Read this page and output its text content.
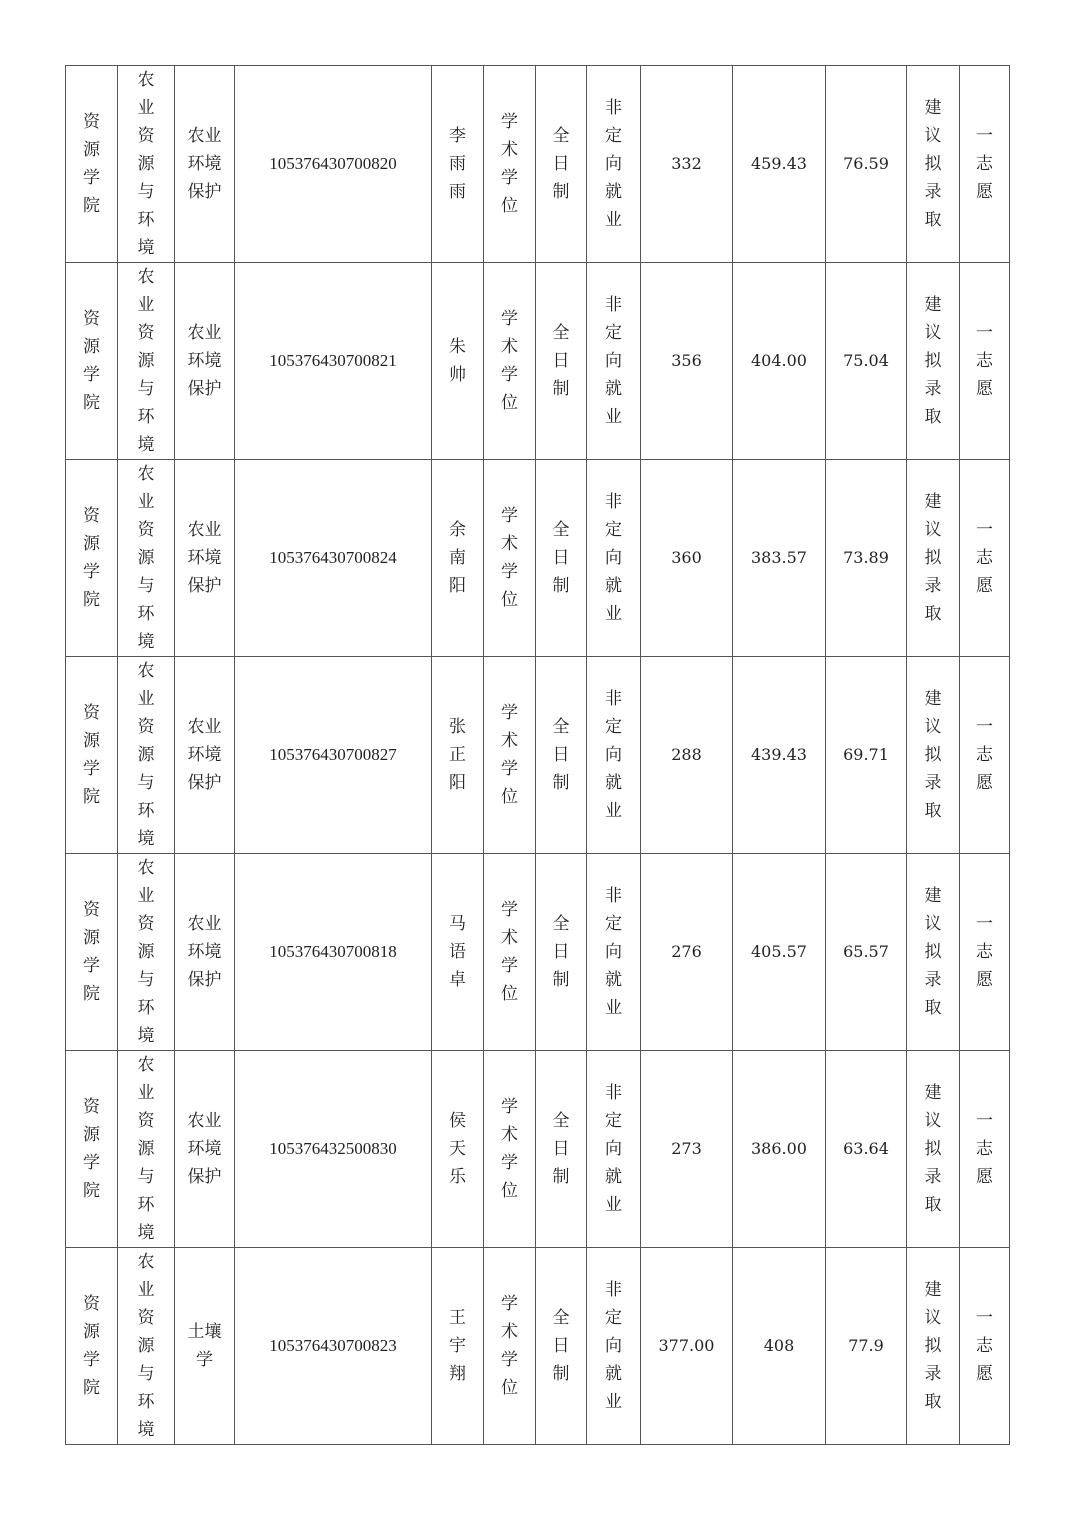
资源学院	农业资源与环境	农业环境保护	105376430700820	李雨雨	学术学位	全日制	非定向就业	332	459.43	76.59	建议拟录取	一志愿
资源学院	农业资源与环境	农业环境保护	105376430700821	朱帅	学术学位	全日制	非定向就业	356	404.00	75.04	建议拟录取	一志愿
资源学院	农业资源与环境	农业环境保护	105376430700824	余南阳	学术学位	全日制	非定向就业	360	383.57	73.89	建议拟录取	一志愿
资源学院	农业资源与环境	农业环境保护	105376430700827	张正阳	学术学位	全日制	非定向就业	288	439.43	69.71	建议拟录取	一志愿
资源学院	农业资源与环境	农业环境保护	105376430700818	马语卓	学术学位	全日制	非定向就业	276	405.57	65.57	建议拟录取	一志愿
资源学院	农业资源与环境	农业环境保护	105376432500830	侯天乐	学术学位	全日制	非定向就业	273	386.00	63.64	建议拟录取	一志愿
资源学院	农业资源与环境	土壤学	105376430700823	王宇翔	学术学位	全日制	非定向就业	377.00	408	77.9	建议拟录取	一志愿
